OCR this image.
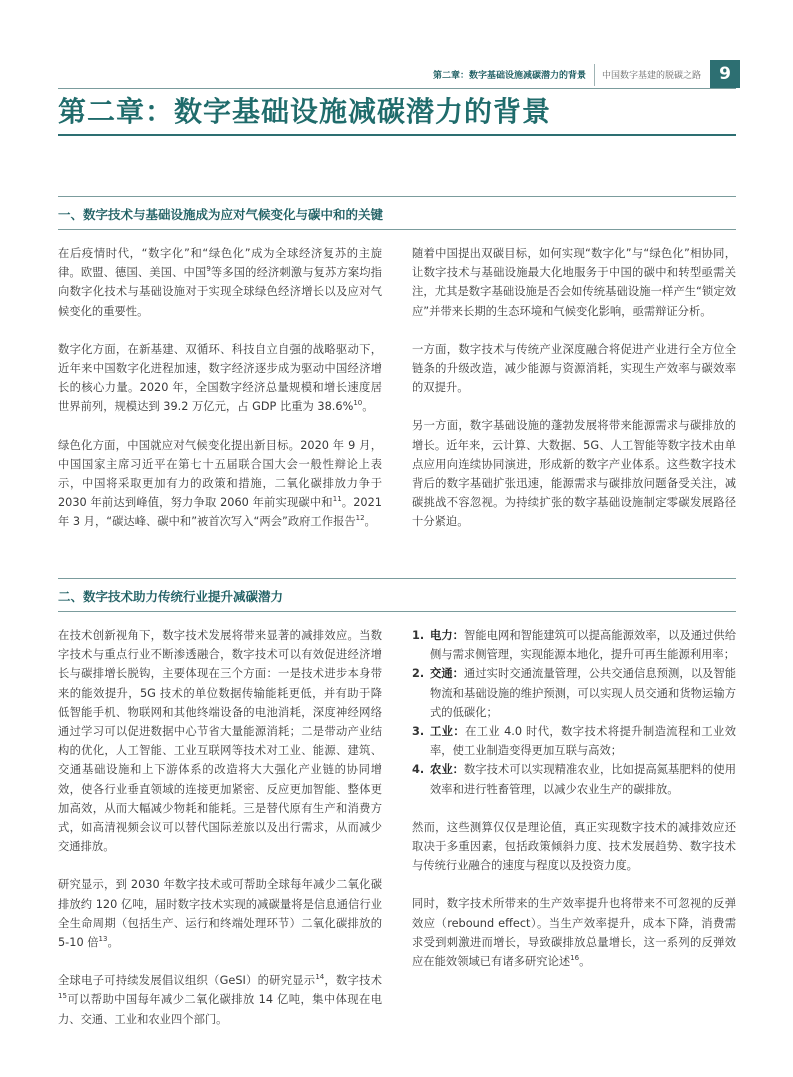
第二章：数字基础设施减碳潜力的背景 中国数字基建的脱碳之路	9
第二章：数字基础设施减碳潜力的背景
一、数字技术与基础设施成为应对气候变化与碳中和的关键

在后疫情时代，“数字化”和“绿色化”成为全球经济复苏的主旋律。欧盟、德国、美国、中国$^9$等多国的经济刺激与复苏方案均指向数字化技术与基础设施对于实现全球绿色经济增长以及应对气候变化的重要性。

数字化方面，在新基建、双循环、科技自立自强的战略驱动下，近年来中国数字化进程加速，数字经济逐步成为驱动中国经济增长的核心力量。2020 年，全国数字经济总量规模和增长速度居世界前列，规模达到 39.2 万亿元，占 GDP 比重为 38.6%$^{10}$。

绿色化方面，中国就应对气候变化提出新目标。2020 年 9 月，中国国家主席习近平在第七十五届联合国大会一般性辩论上表示，中国将采取更加有力的政策和措施，二氧化碳排放力争于 2030 年前达到峰值，努力争取 2060 年前实现碳中和$^{11}$。2021 年 3 月，“碳达峰、碳中和”被首次写入“两会”政府工作报告$^{12}$。

随着中国提出双碳目标，如何实现“数字化”与“绿色化”相协同，让数字技术与基础设施最大化地服务于中国的碳中和转型亟需关注，尤其是数字基础设施是否会如传统基础设施一样产生“锁定效应”并带来长期的生态环境和气候变化影响，亟需辩证分析。

一方面，数字技术与传统产业深度融合将促进产业进行全方位全链条的升级改造，减少能源与资源消耗，实现生产效率与碳效率的双提升。

另一方面，数字基础设施的蓬勃发展将带来能源需求与碳排放的增长。近年来，云计算、大数据、5G、人工智能等数字技术由单点应用向连续协同演进，形成新的数字产业体系。这些数字技术背后的数字基础扩张迅速，能源需求与碳排放问题备受关注，减碳挑战不容忽视。为持续扩张的数字基础设施制定零碳发展路径十分紧迫。

二、数字技术助力传统行业提升减碳潜力

在技术创新视角下，数字技术发展将带来显著的减排效应。当数字技术与重点行业不断渗透融合，数字技术可以有效促进经济增长与碳排增长脱钩，主要体现在三个方面：一是技术进步本身带来的能效提升，5G 技术的单位数据传输能耗更低，并有助于降低智能手机、物联网和其他终端设备的电池消耗，深度神经网络通过学习可以促进数据中心节省大量能源消耗；二是带动产业结构的优化，人工智能、工业互联网等技术对工业、能源、建筑、交通基础设施和上下游体系的改造将大大强化产业链的协同增效，使各行业垂直领域的连接更加紧密、反应更加智能、整体更加高效，从而大幅减少物耗和能耗。三是替代原有生产和消费方式，如高清视频会议可以替代国际差旅以及出行需求，从而减少交通排放。

研究显示，到 2030 年数字技术或可帮助全球每年减少二氧化碳排放约 120 亿吨，届时数字技术实现的减碳量将是信息通信行业全生命周期（包括生产、运行和终端处理环节）二氧化碳排放的 5-10 倍$^{13}$。

全球电子可持续发展倡议组织（GeSI）的研究显示$^{14}$，数字技术$^{15}$可以帮助中国每年减少二氧化碳排放 14 亿吨，集中体现在电力、交通、工业和农业四个部门。

1. 电力：智能电网和智能建筑可以提高能源效率，以及通过供给侧与需求侧管理，实现能源本地化，提升可再生能源利用率；
2. 交通：通过实时交通流量管理，公共交通信息预测，以及智能物流和基础设施的维护预测，可以实现人员交通和货物运输方式的低碳化；
3. 工业：在工业 4.0 时代，数字技术将提升制造流程和工业效率，使工业制造变得更加互联与高效；
4. 农业：数字技术可以实现精准农业，比如提高氮基肥料的使用效率和进行牲畜管理，以减少农业生产的碳排放。

然而，这些测算仅仅是理论值，真正实现数字技术的减排效应还取决于多重因素，包括政策倾斜力度、技术发展趋势、数字技术与传统行业融合的速度与程度以及投资力度。

同时，数字技术所带来的生产效率提升也将带来不可忽视的反弹效应（rebound effect）。当生产效率提升，成本下降，消费需求受到刺激进而增长，导致碳排放总量增长，这一系列的反弹效应在能效领域已有诸多研究论述$^{16}$。
